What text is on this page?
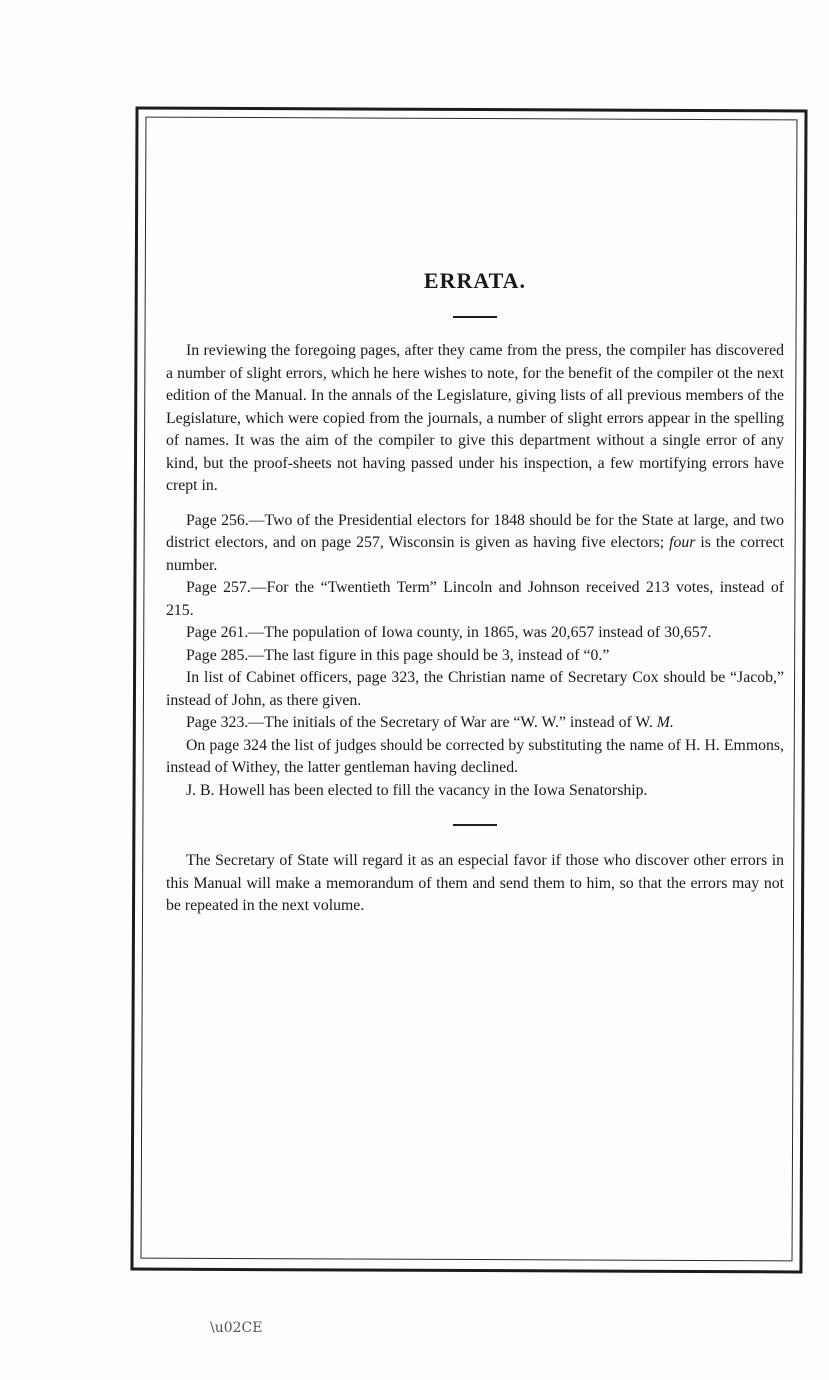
ERRATA.

In reviewing the foregoing pages, after they came from the press, the compiler has discovered a number of slight errors, which he here wishes to note, for the benefit of the compiler ot the next edition of the Manual. In the annals of the Legislature, giving lists of all previous members of the Legislature, which were copied from the journals, a number of slight errors appear in the spelling of names. It was the aim of the compiler to give this department without a single error of any kind, but the proof-sheets not having passed under his inspection, a few mortifying errors have crept in.

Page 256.—Two of the Presidential electors for 1848 should be for the State at large, and two district electors, and on page 257, Wisconsin is given as having five electors; four is the correct number.

Page 257.—For the “Twentieth Term” Lincoln and Johnson received 213 votes, instead of 215.

Page 261.—The population of Iowa county, in 1865, was 20,657 instead of 30,657.

Page 285.—The last figure in this page should be 3, instead of “0.”

In list of Cabinet officers, page 323, the Christian name of Secretary Cox should be “Jacob,” instead of John, as there given.

Page 323.—The initials of the Secretary of War are “W. W.” instead of W. M.

On page 324 the list of judges should be corrected by substituting the name of H. H. Emmons, instead of Withey, the latter gentleman having declined.

J. B. Howell has been elected to fill the vacancy in the Iowa Senatorship.

The Secretary of State will regard it as an especial favor if those who discover other errors in this Manual will make a memorandum of them and send them to him, so that the errors may not be repeated in the next volume.

\u02CE
